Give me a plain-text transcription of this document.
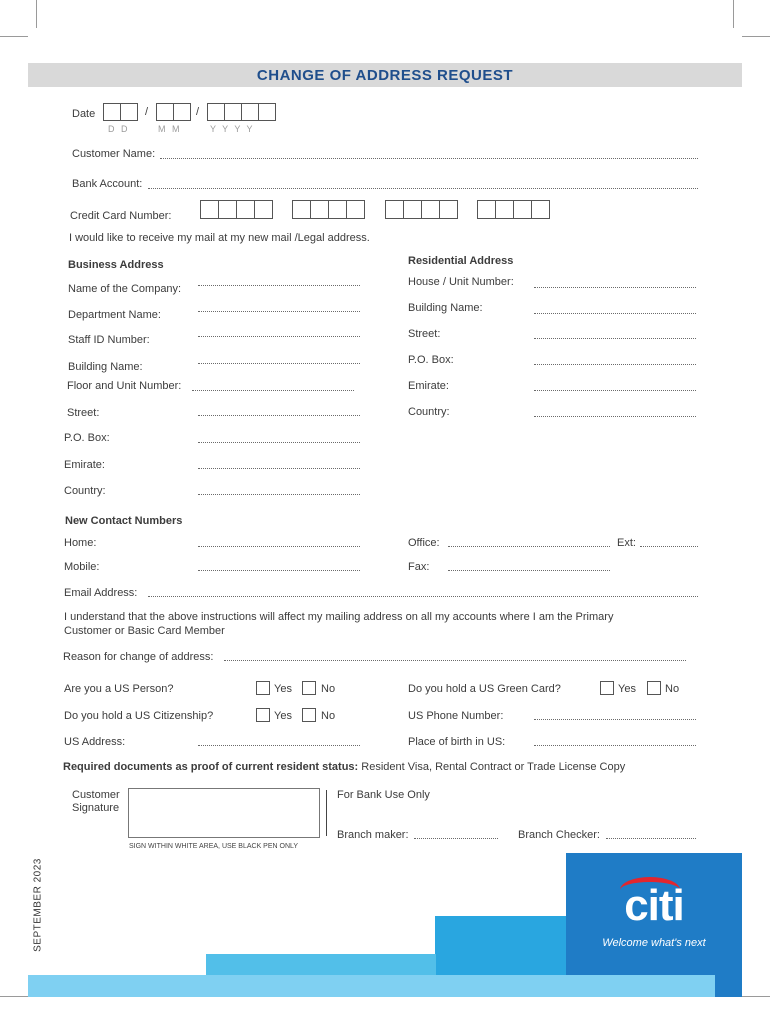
CHANGE OF ADDRESS REQUEST
Date	/	/
D D	M M	Y Y Y Y
Customer Name:
Bank Account:
Credit Card Number:
I would like to receive my mail at my new mail /Legal address.
Business Address
Name of the Company:
Department Name:
Staff ID Number:
Building Name:
Floor and Unit Number:
Street:
P.O. Box:
Emirate:
Country:
Residential Address
House / Unit Number:
Building Name:
Street:
P.O. Box:
Emirate:
Country:
New Contact Numbers
Home:
Mobile:
Office:	Ext:
Fax:
Email Address:
I understand that the above instructions will affect my mailing address on all my accounts where I am the Primary
Customer or Basic Card Member
Reason for change of address:
Are you a US Person?	Yes	No
Do you hold a US Citizenship?	Yes	No
US Address:
Do you hold a US Green Card?	Yes	No
US Phone Number:
Place of birth in US:
Required documents as proof of current resident status: Resident Visa, Rental Contract or Trade License Copy
Customer
Signature
SIGN WITHIN WHITE AREA, USE BLACK PEN ONLY
For Bank Use Only
Branch maker:	Branch Checker:
SEPTEMBER 2023	citi
Welcome what's next
